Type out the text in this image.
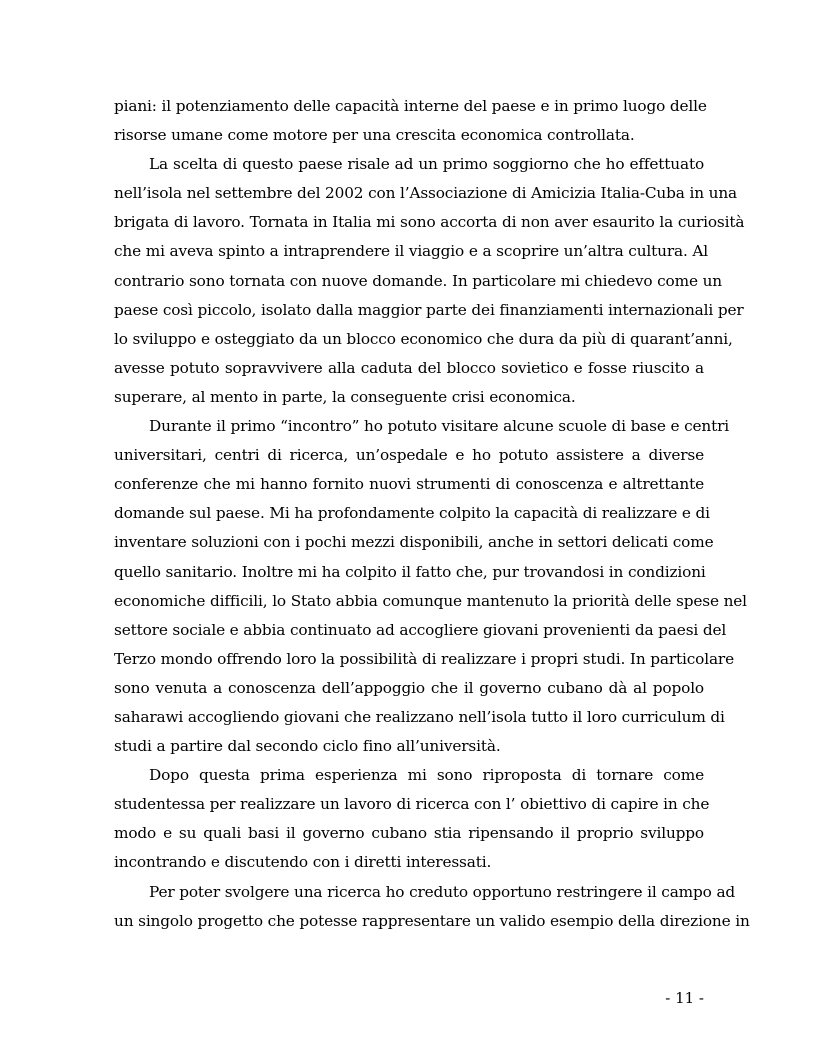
piani: il potenziamento delle capacità interne del paese e in primo luogo delle
risorse umane come motore per una crescita economica controllata.
La scelta di questo paese risale ad un primo soggiorno che ho effettuato
nell’isola nel settembre del 2002 con l’Associazione di Amicizia Italia-Cuba in una
brigata di lavoro. Tornata in Italia mi sono accorta di non aver esaurito la curiosità
che mi aveva spinto a intraprendere il viaggio e a scoprire un’altra cultura. Al
contrario sono tornata con nuove domande. In particolare mi chiedevo come un
paese così piccolo, isolato dalla maggior parte dei finanziamenti internazionali per
lo sviluppo e osteggiato da un blocco economico che dura da più di quarant’anni,
avesse potuto sopravvivere alla caduta del blocco sovietico e fosse riuscito a
superare, al mento in parte, la conseguente crisi economica.
Durante il primo “incontro” ho potuto visitare alcune scuole di base e centri
universitari, centri di ricerca, un’ospedale e ho potuto assistere a diverse
conferenze che mi hanno fornito nuovi strumenti di conoscenza e altrettante
domande sul paese. Mi ha profondamente colpito la capacità di realizzare e di
inventare soluzioni con i pochi mezzi disponibili, anche in settori delicati come
quello sanitario. Inoltre mi ha colpito il fatto che, pur trovandosi in condizioni
economiche difficili, lo Stato abbia comunque mantenuto la priorità delle spese nel
settore sociale e abbia continuato ad accogliere giovani provenienti da paesi del
Terzo mondo offrendo loro la possibilità di realizzare i propri studi. In particolare
sono venuta a conoscenza dell’appoggio che il governo cubano dà al popolo
saharawi accogliendo giovani che realizzano nell’isola tutto il loro curriculum di
studi a partire dal secondo ciclo fino all’università.
Dopo questa prima esperienza mi sono riproposta di tornare come
studentessa per realizzare un lavoro di ricerca con l’ obiettivo di capire in che
modo e su quali basi il governo cubano stia ripensando il proprio sviluppo
incontrando e discutendo con i diretti interessati.
Per poter svolgere una ricerca ho creduto opportuno restringere il campo ad
un singolo progetto che potesse rappresentare un valido esempio della direzione in
- 11 -
